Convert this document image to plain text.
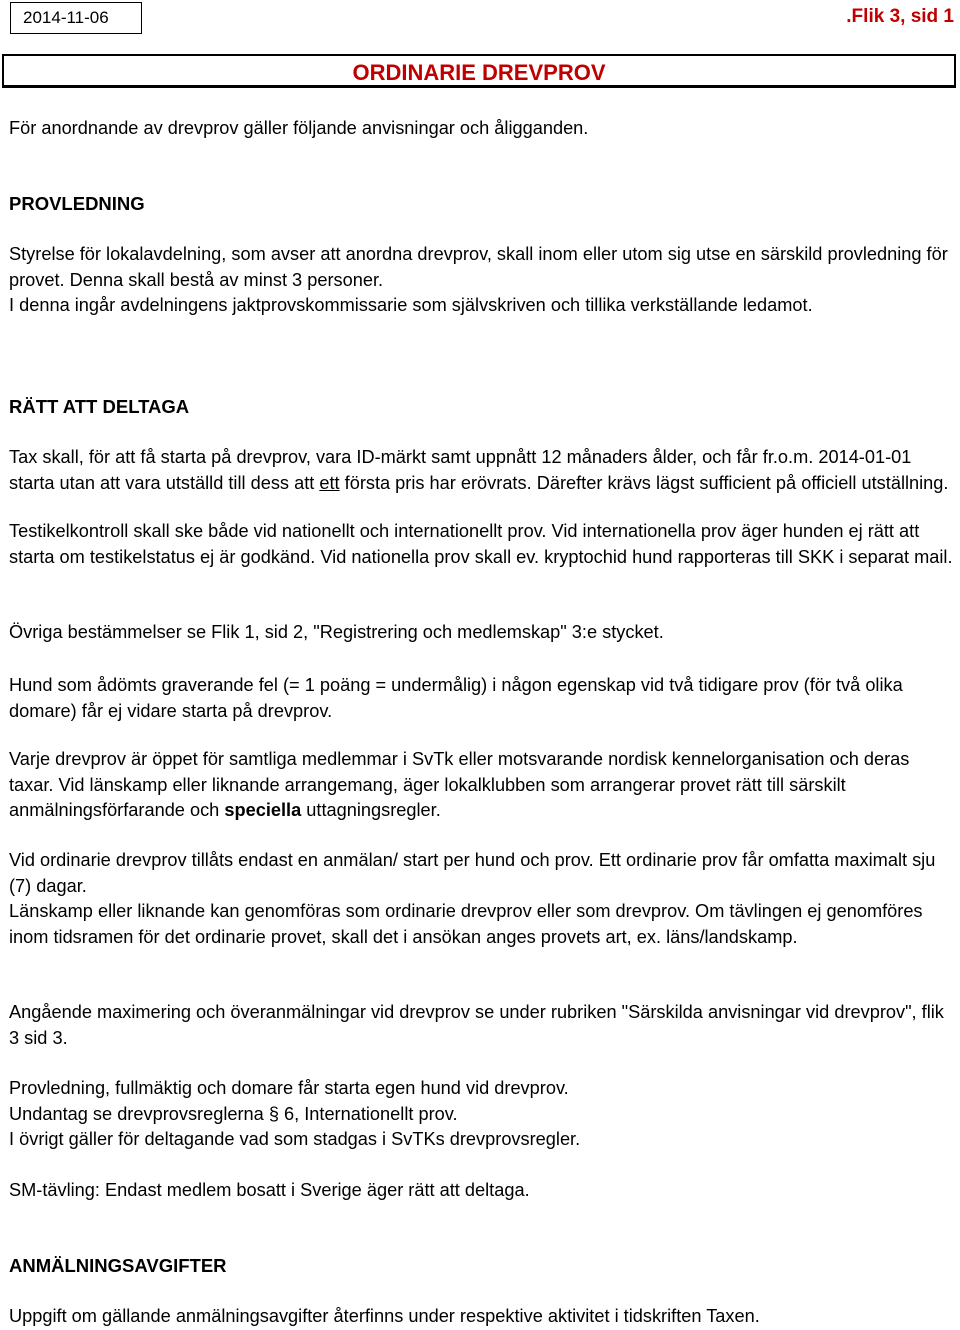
2014-11-06	.Flik 3, sid 1
ORDINARIE DREVPROV

För anordnande av drevprov gäller följande anvisningar och åligganden.

PROVLEDNING

Styrelse för lokalavdelning, som avser att anordna drevprov, skall inom eller utom sig utse en särskild provledning för provet. Denna skall bestå av minst 3 personer.

I denna ingår avdelningens jaktprovskommissarie som självskriven och tillika verkställande ledamot.

RÄTT ATT DELTAGA

Tax skall, för att få starta på drevprov, vara ID-märkt samt uppnått 12 månaders ålder, och får fr.o.m. 2014-01-01 starta utan att vara utställd till dess att ett första pris har erövrats. Därefter krävs lägst sufficient på officiell utställning.

Testikelkontroll skall ske både vid nationellt och internationellt prov. Vid internationella prov äger hunden ej rätt att starta om testikelstatus ej är godkänd. Vid nationella prov skall ev. kryptochid hund rapporteras till SKK i separat mail.

Övriga bestämmelser se Flik 1, sid 2, "Registrering och medlemskap" 3:e stycket.

Hund som ådömts graverande fel (= 1 poäng = undermålig) i någon egenskap vid två tidigare prov (för två olika domare) får ej vidare starta på drevprov.

Varje drevprov är öppet för samtliga medlemmar i SvTk eller motsvarande nordisk kennelorganisation och deras taxar. Vid länskamp eller liknande arrangemang, äger lokalklubben som arrangerar provet rätt till särskilt anmälningsförfarande och speciella uttagningsregler.

Vid ordinarie drevprov tillåts endast en anmälan/ start per hund och prov. Ett ordinarie prov får omfatta maximalt sju (7) dagar.

Länskamp eller liknande kan genomföras som ordinarie drevprov eller som drevprov. Om tävlingen ej genomföres inom tidsramen för det ordinarie provet, skall det i ansökan anges provets art, ex. läns/landskamp.

Angående maximering och överanmälningar vid drevprov se under rubriken "Särskilda anvisningar vid drevprov", flik 3 sid 3.

Provledning, fullmäktig och domare får starta egen hund vid drevprov.
Undantag se drevprovsreglerna § 6, Internationellt prov.
I övrigt gäller för deltagande vad som stadgas i SvTKs drevprovsregler.

SM-tävling: Endast medlem bosatt i Sverige äger rätt att deltaga.

ANMÄLNINGSAVGIFTER

Uppgift om gällande anmälningsavgifter återfinns under respektive aktivitet i tidskriften Taxen.
